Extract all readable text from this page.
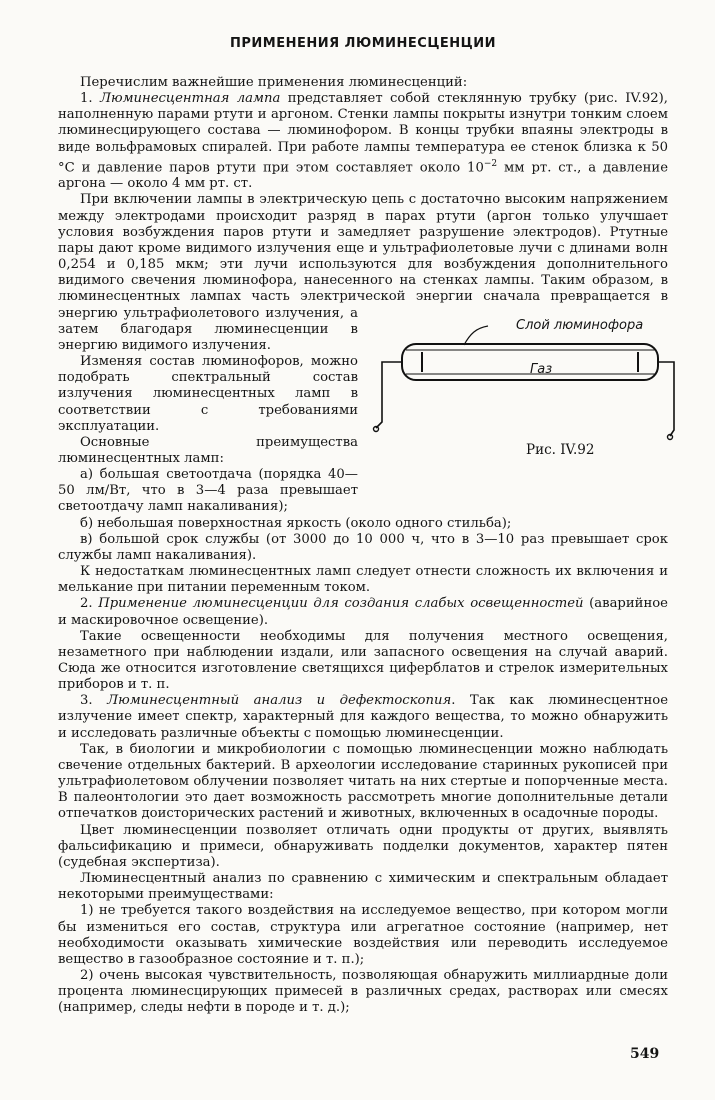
ПРИМЕНЕНИЯ ЛЮМИНЕСЦЕНЦИИ

Перечислим важнейшие применения люминесценций:

1. Люминесцентная лампа представляет собой стеклянную трубку (рис. IV.92), наполненную парами ртути и аргоном. Стенки лампы покрыты изнутри тонким слоем люминесцирующего состава — люминофором. В концы трубки впаяны электроды в виде вольфрамовых спиралей. При работе лампы температура ее стенок близка к 50 °С и давление паров ртути при этом составляет около $10^{-2}$ мм рт. ст., а давление аргона — около 4 мм рт. ст.

При включении лампы в электрическую цепь с достаточно высоким напряжением между электродами происходит разряд в парах ртути (аргон только улучшает условия возбуждения паров ртути и замедляет разрушение электродов). Ртутные пары дают кроме видимого излучения еще и ультрафиолетовые лучи с длинами волн 0,254 и 0,185 мкм; эти лучи используются для возбуждения дополнительного видимого свечения люминофора, нанесенного на стенках лампы. Таким образом, в люминесцентных лампах часть электрической энергии сначала превращается в энергию у
Слой люминофора
Газ
Рис. IV.92
льтрафиолетового излучения, а затем благодаря люминесценции в энергию видимого излучения.

Изменяя состав люминофоров, можно подобрать спектральный состав излучения люминесцентных ламп в соответствии с требованиями эксплуатации.

Основные преимущества люминесцентных ламп:

а) большая светоотдача (порядка 40—50 лм/Вт, что в 3—4 раза превышает светоотдачу ламп накаливания);

б) небольшая поверхностная яркость (около одного стильба);

в) большой срок службы (от 3000 до 10 000 ч, что в 3—10 раз превышает срок службы ламп накаливания).

К недостаткам люминесцентных ламп следует отнести сложность их включения и мелькание при питании переменным током.

2. Применение люминесценции для создания слабых освещенностей (аварийное и маскировочное освещение).

Такие освещенности необходимы для получения местного освещения, незаметного при наблюдении издали, или запасного освещения на случай аварий. Сюда же относится изготовление светящихся циферблатов и стрелок измерительных приборов и т. п.

3. Люминесцентный анализ и дефектоскопия. Так как люминесцентное излучение имеет спектр, характерный для каждого вещества, то можно обнаружить и исследовать различные объекты с помощью люминесценции.

Так, в биологии и микробиологии с помощью люминесценции можно наблюдать свечение отдельных бактерий. В археологии исследование старинных рукописей при ультрафиолетовом облучении позволяет читать на них стертые и попорченные места. В палеонтологии это дает возможность рассмотреть многие дополнительные детали отпечатков доисторических растений и животных, включенных в осадочные породы.

Цвет люминесценции позволяет отличать одни продукты от других, выявлять фальсификацию и примеси, обнаруживать подделки документов, характер пятен (судебная экспертиза).

Люминесцентный анализ по сравнению с химическим и спектральным обладает некоторыми преимуществами:

1) не требуется такого воздействия на исследуемое вещество, при котором могли бы измениться его состав, структура или агрегатное состояние (например, нет необходимости оказывать химические воздействия или переводить исследуемое вещество в газообразное состояние и т. п.);

2) очень высокая чувствительность, позволяющая обнаружить миллиардные доли процента люминесцирующих примесей в различных средах, растворах или смесях (например, следы нефти в породе и т. д.);

549
